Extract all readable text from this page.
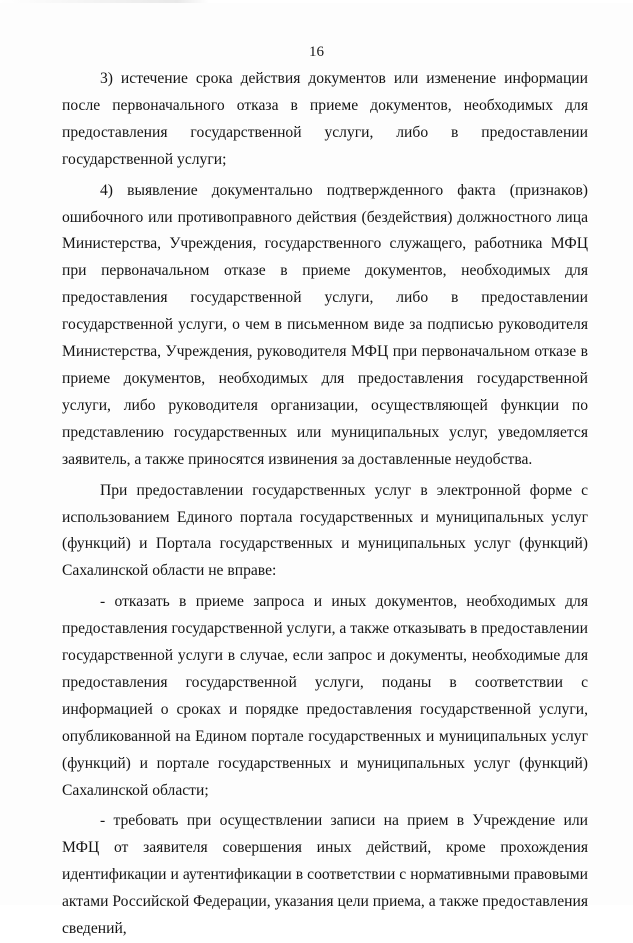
16

3) истечение срока действия документов или изменение информации после первоначального отказа в приеме документов, необходимых для предоставления государственной услуги, либо в предоставлении государственной услуги;

4) выявление документально подтвержденного факта (признаков) ошибочного или противоправного действия (бездействия) должностного лица Министерства, Учреждения, государственного служащего, работника МФЦ при первоначальном отказе в приеме документов, необходимых для предоставления государственной услуги, либо в предоставлении государственной услуги, о чем в письменном виде за подписью руководителя Министерства, Учреждения, руководителя МФЦ при первоначальном отказе в приеме документов, необходимых для предоставления государственной услуги, либо руководителя организации, осуществляющей функции по представлению государственных или муниципальных услуг, уведомляется заявитель, а также приносятся извинения за доставленные неудобства.

При предоставлении государственных услуг в электронной форме с использованием Единого портала государственных и муниципальных услуг (функций) и Портала государственных и муниципальных услуг (функций) Сахалинской области не вправе:

- отказать в приеме запроса и иных документов, необходимых для предоставления государственной услуги, а также отказывать в предоставлении государственной услуги в случае, если запрос и документы, необходимые для предоставления государственной услуги, поданы в соответствии с информацией о сроках и порядке предоставления государственной услуги, опубликованной на Едином портале государственных и муниципальных услуг (функций) и портале государственных и муниципальных услуг (функций) Сахалинской области;

- требовать при осуществлении записи на прием в Учреждение или МФЦ от заявителя совершения иных действий, кроме прохождения идентификации и аутентификации в соответствии с нормативными правовыми актами Российской Федерации, указания цели приема, а также предоставления сведений,
